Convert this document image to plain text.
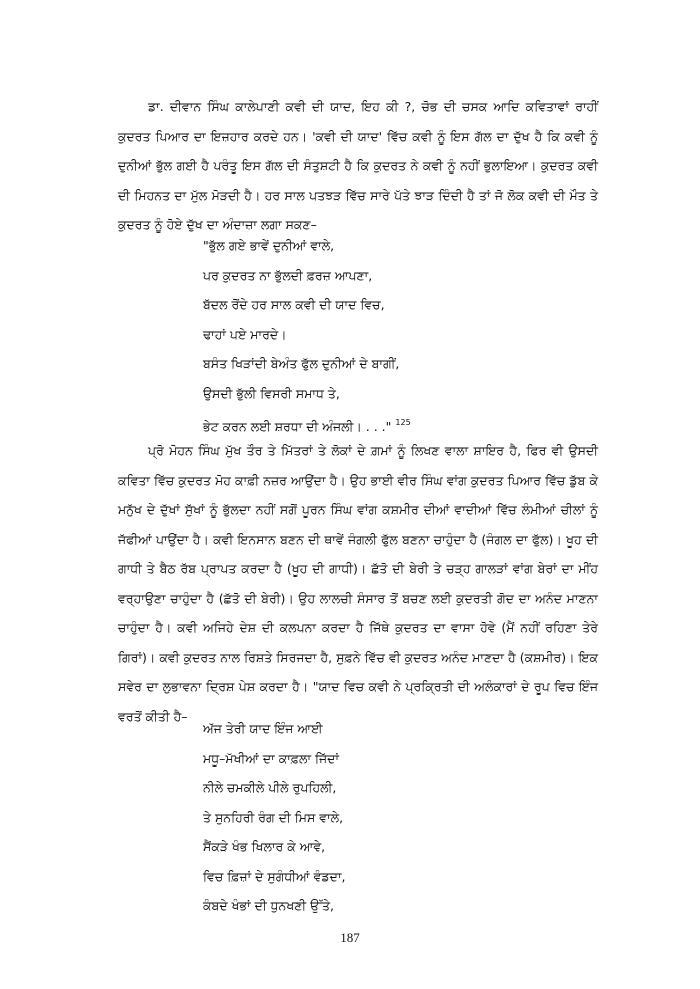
ਡਾ. ਦੀਵਾਨ ਸਿੰਘ ਕਾਲੇਪਾਣੀ ਕਵੀ ਦੀ ਯਾਦ, ਇਹ ਕੀ ?, ਚੋਭ ਦੀ ਚਸਕ ਆਦਿ ਕਵਿਤਾਵਾਂ ਰਾਹੀਂ ਕੁਦਰਤ ਪਿਆਰ ਦਾ ਇਜ਼ਹਾਰ ਕਰਦੇ ਹਨ। 'ਕਵੀ ਦੀ ਯਾਦ' ਵਿੱਚ ਕਵੀ ਨੂੰ ਇਸ ਗੱਲ ਦਾ ਦੁੱਖ ਹੈ ਕਿ ਕਵੀ ਨੂੰ ਦੁਨੀਆਂ ਭੁੱਲ ਗਈ ਹੈ ਪਰੰਤੂ ਇਸ ਗੱਲ ਦੀ ਸੰਤੁਸ਼ਟੀ ਹੈ ਕਿ ਕੁਦਰਤ ਨੇ ਕਵੀ ਨੂੰ ਨਹੀਂ ਭੁਲਾਇਆ। ਕੁਦਰਤ ਕਵੀ ਦੀ ਮਿਹਨਤ ਦਾ ਮੁੱਲ ਮੋੜਦੀ ਹੈ। ਹਰ ਸਾਲ ਪਤਝੜ ਵਿੱਚ ਸਾਰੇ ਪੱਤੇ ਝਾੜ ਦਿੰਦੀ ਹੈ ਤਾਂ ਜੋ ਲੋਕ ਕਵੀ ਦੀ ਮੌਤ ਤੇ ਕੁਦਰਤ ਨੂੰ ਹੋਏ ਦੁੱਖ ਦਾ ਅੰਦਾਜ਼ਾ ਲਗਾ ਸਕਣ–

"ਭੁੱਲ ਗਏ ਭਾਵੇਂ ਦੁਨੀਆਂ ਵਾਲੇ,
ਪਰ ਕੁਦਰਤ ਨਾ ਭੁੱਲਦੀ ਫ਼ਰਜ਼ ਆਪਣਾ,
ਬੱਦਲ ਰੋਂਦੇ ਹਰ ਸਾਲ ਕਵੀ ਦੀ ਯਾਦ ਵਿਚ,
ਢਾਹਾਂ ਪਏ ਮਾਰਦੇ।
ਬਸੰਤ ਖਿੜਾਂਦੀ ਬੇਅੰਤ ਫੁੱਲ ਦੁਨੀਆਂ ਦੇ ਬਾਗੀਂ,
ਉਸਦੀ ਭੁੱਲੀ ਵਿਸਰੀ ਸਮਾਧ ਤੇ,
ਭੇਟ ਕਰਨ ਲਈ ਸ਼ਰਧਾ ਦੀ ਅੰਜਲੀ। . . ." $^{125}$

ਪ੍ਰੋ ਮੋਹਨ ਸਿੰਘ ਮੁੱਖ ਤੌਰ ਤੇ ਮਿੱਤਰਾਂ ਤੇ ਲੋਕਾਂ ਦੇ ਗ਼ਮਾਂ ਨੂੰ ਲਿਖਣ ਵਾਲਾ ਸ਼ਾਇਰ ਹੈ, ਫਿਰ ਵੀ ਉਸਦੀ ਕਵਿਤਾ ਵਿੱਚ ਕੁਦਰਤ ਮੋਹ ਕਾਫ਼ੀ ਨਜ਼ਰ ਆਉਂਦਾ ਹੈ। ਉਹ ਭਾਈ ਵੀਰ ਸਿੰਘ ਵਾਂਗ ਕੁਦਰਤ ਪਿਆਰ ਵਿੱਚ ਡੁੱਬ ਕੇ ਮਨੁੱਖ ਦੇ ਦੁੱਖਾਂ ਸੁੱਖਾਂ ਨੂੰ ਭੁੱਲਦਾ ਨਹੀਂ ਸਗੋਂ ਪੂਰਨ ਸਿੰਘ ਵਾਂਗ ਕਸ਼ਮੀਰ ਦੀਆਂ ਵਾਦੀਆਂ ਵਿੱਚ ਲੰਮੀਆਂ ਚੀਲਾਂ ਨੂੰ ਜੱਫੀਆਂ ਪਾਉਂਦਾ ਹੈ। ਕਵੀ ਇਨਸਾਨ ਬਣਨ ਦੀ ਥਾਵੇਂ ਜੰਗਲੀ ਫੁੱਲ ਬਣਨਾ ਚਾਹੁੰਦਾ ਹੈ (ਜੰਗਲ ਦਾ ਫੁੱਲ)। ਖੂਹ ਦੀ ਗਾਧੀ ਤੇ ਬੈਠ ਰੱਬ ਪ੍ਰਾਪਤ ਕਰਦਾ ਹੈ (ਖੂਹ ਦੀ ਗਾਧੀ)। ਛੱਤੋ ਦੀ ਬੇਰੀ ਤੇ ਚੜ੍ਹ ਗਾਲੜਾਂ ਵਾਂਗ ਬੇਰਾਂ ਦਾ ਮੀਂਹ ਵਰ੍ਹਾਉਣਾ ਚਾਹੁੰਦਾ ਹੈ (ਛੱਤੋ ਦੀ ਬੇਰੀ)। ਉਹ ਲਾਲਚੀ ਸੰਸਾਰ ਤੋਂ ਬਚਣ ਲਈ ਕੁਦਰਤੀ ਗੋਦ ਦਾ ਅਨੰਦ ਮਾਣਨਾ ਚਾਹੁੰਦਾ ਹੈ। ਕਵੀ ਅਜਿਹੇ ਦੇਸ਼ ਦੀ ਕਲਪਨਾ ਕਰਦਾ ਹੈ ਜਿੱਥੇ ਕੁਦਰਤ ਦਾ ਵਾਸਾ ਹੋਵੇ (ਮੈਂ ਨਹੀਂ ਰਹਿਣਾ ਤੇਰੇ ਗਿਰਾਂ)। ਕਵੀ ਕੁਦਰਤ ਨਾਲ ਰਿਸ਼ਤੇ ਸਿਰਜਦਾ ਹੈ, ਸੁਫ਼ਨੇ ਵਿੱਚ ਵੀ ਕੁਦਰਤ ਅਨੰਦ ਮਾਣਦਾ ਹੈ (ਕਸ਼ਮੀਰ)। ਇਕ ਸਵੇਰ ਦਾ ਲੁਭਾਵਨਾ ਦ੍ਰਿਸ਼ ਪੇਸ਼ ਕਰਦਾ ਹੈ। "ਯਾਦ ਵਿਚ ਕਵੀ ਨੇ ਪ੍ਰਕ੍ਰਿਤੀ ਦੀ ਅਲੰਕਾਰਾਂ ਦੇ ਰੂਪ ਵਿਚ ਇੰਜ ਵਰਤੋਂ ਕੀਤੀ ਹੈ–

ਅੱਜ ਤੇਰੀ ਯਾਦ ਇੰਜ ਆਈ
ਮਧੂ–ਮੱਖੀਆਂ ਦਾ ਕਾਫ਼ਲਾ ਜਿੱਦਾਂ
ਨੀਲੇ ਚਮਕੀਲੇ ਪੀਲੇ ਰੁਪਹਿਲੀ,
ਤੇ ਸੁਨਹਿਰੀ ਰੰਗ ਦੀ ਮਿਸ ਵਾਲੇ,
ਸੈਂਕੜੇ ਖੰਭ ਖਿਲਾਰ ਕੇ ਆਵੇ,
ਵਿਚ ਫ਼ਿਜ਼ਾਂ ਦੇ ਸੁਗੰਧੀਆਂ ਵੰਡਦਾ,
ਕੰਬਦੇ ਖੰਭਾਂ ਦੀ ਧੁਨਖਣੀ ਉੱਤੇ,
187
